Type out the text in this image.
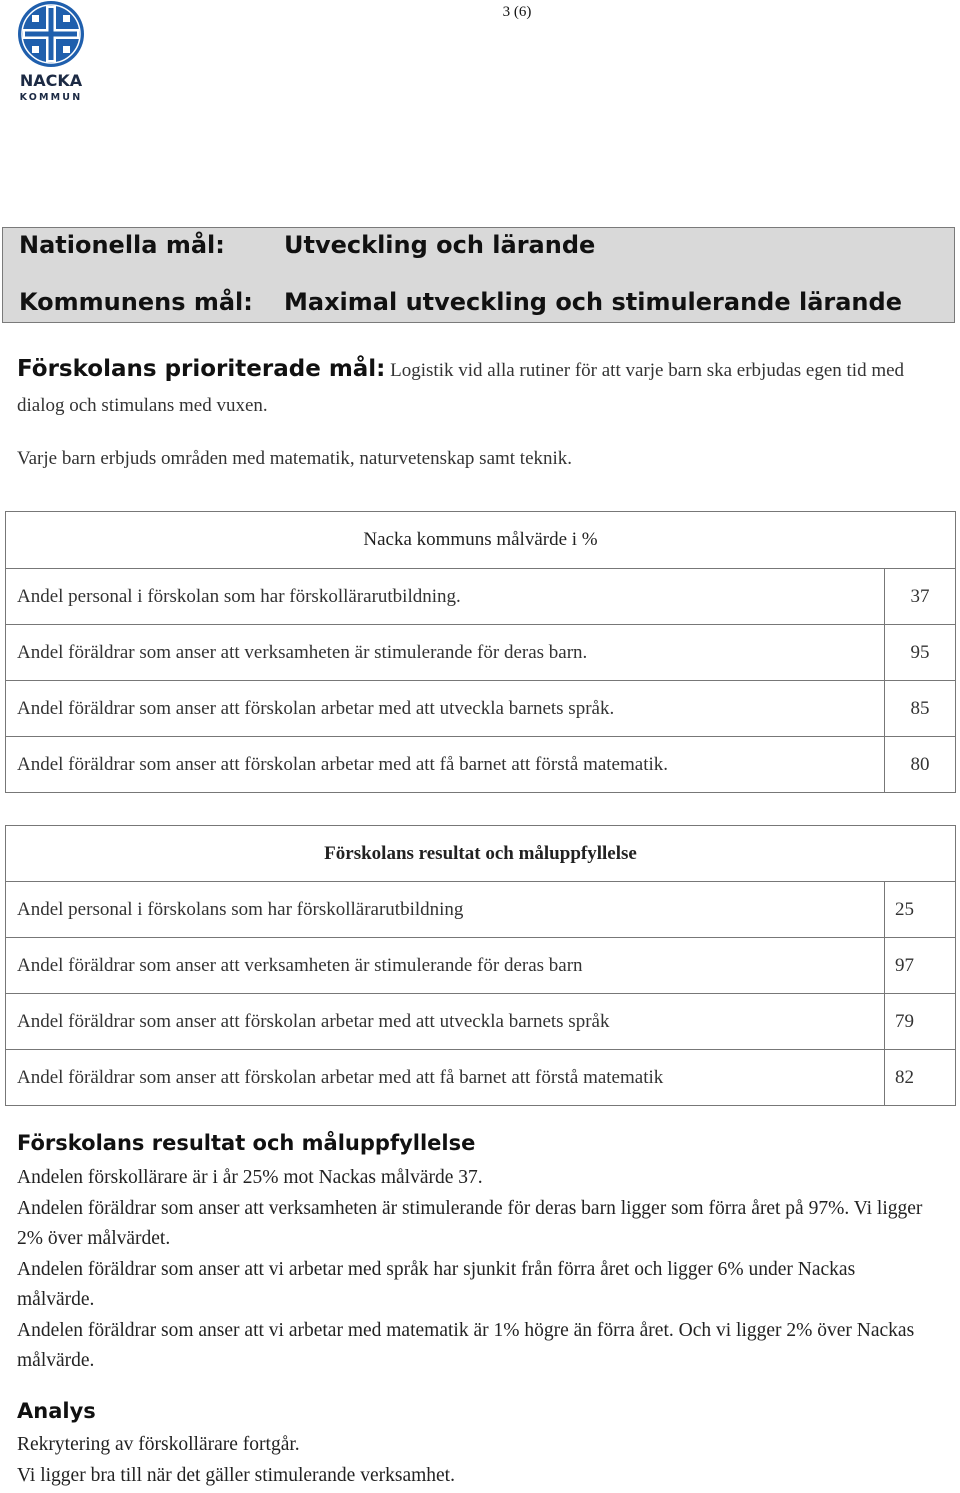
NACKA
KOMMUN
3 (6)
Nationella mål: Utveckling och lärande
Kommunens mål: Maximal utveckling och stimulerande lärande
Förskolans prioriterade mål: Logistik vid alla rutiner för att varje barn ska erbjudas egen tid med dialog och stimulans med vuxen.
Varje barn erbjuds områden med matematik, naturvetenskap samt teknik.
Nacka kommuns målvärde i %	
Andel personal i förskolan som har förskollärarutbildning.	37
Andel föräldrar som anser att verksamheten är stimulerande för deras barn.	95
Andel föräldrar som anser att förskolan arbetar med att utveckla barnets språk.	85
Andel föräldrar som anser att förskolan arbetar med att få barnet att förstå matematik.	80
Förskolans resultat och måluppfyllelse	
Andel personal i förskolans som har förskollärarutbildning	25
Andel föräldrar som anser att verksamheten är stimulerande för deras barn	97
Andel föräldrar som anser att förskolan arbetar med att utveckla barnets språk	79
Andel föräldrar som anser att förskolan arbetar med att få barnet att förstå matematik	82
Förskolans resultat och måluppfyllelse
Andelen förskollärare är i år 25% mot Nackas målvärde 37.
Andelen föräldrar som anser att verksamheten är stimulerande för deras barn ligger som förra året på 97%. Vi ligger 2% över målvärdet.
Andelen föräldrar som anser att vi arbetar med språk har sjunkit från förra året och ligger 6% under Nackas målvärde.
Andelen föräldrar som anser att vi arbetar med matematik är 1% högre än förra året. Och vi ligger 2% över Nackas målvärde.
Analys
Rekrytering av förskollärare fortgår.
Vi ligger bra till när det gäller stimulerande verksamhet.
